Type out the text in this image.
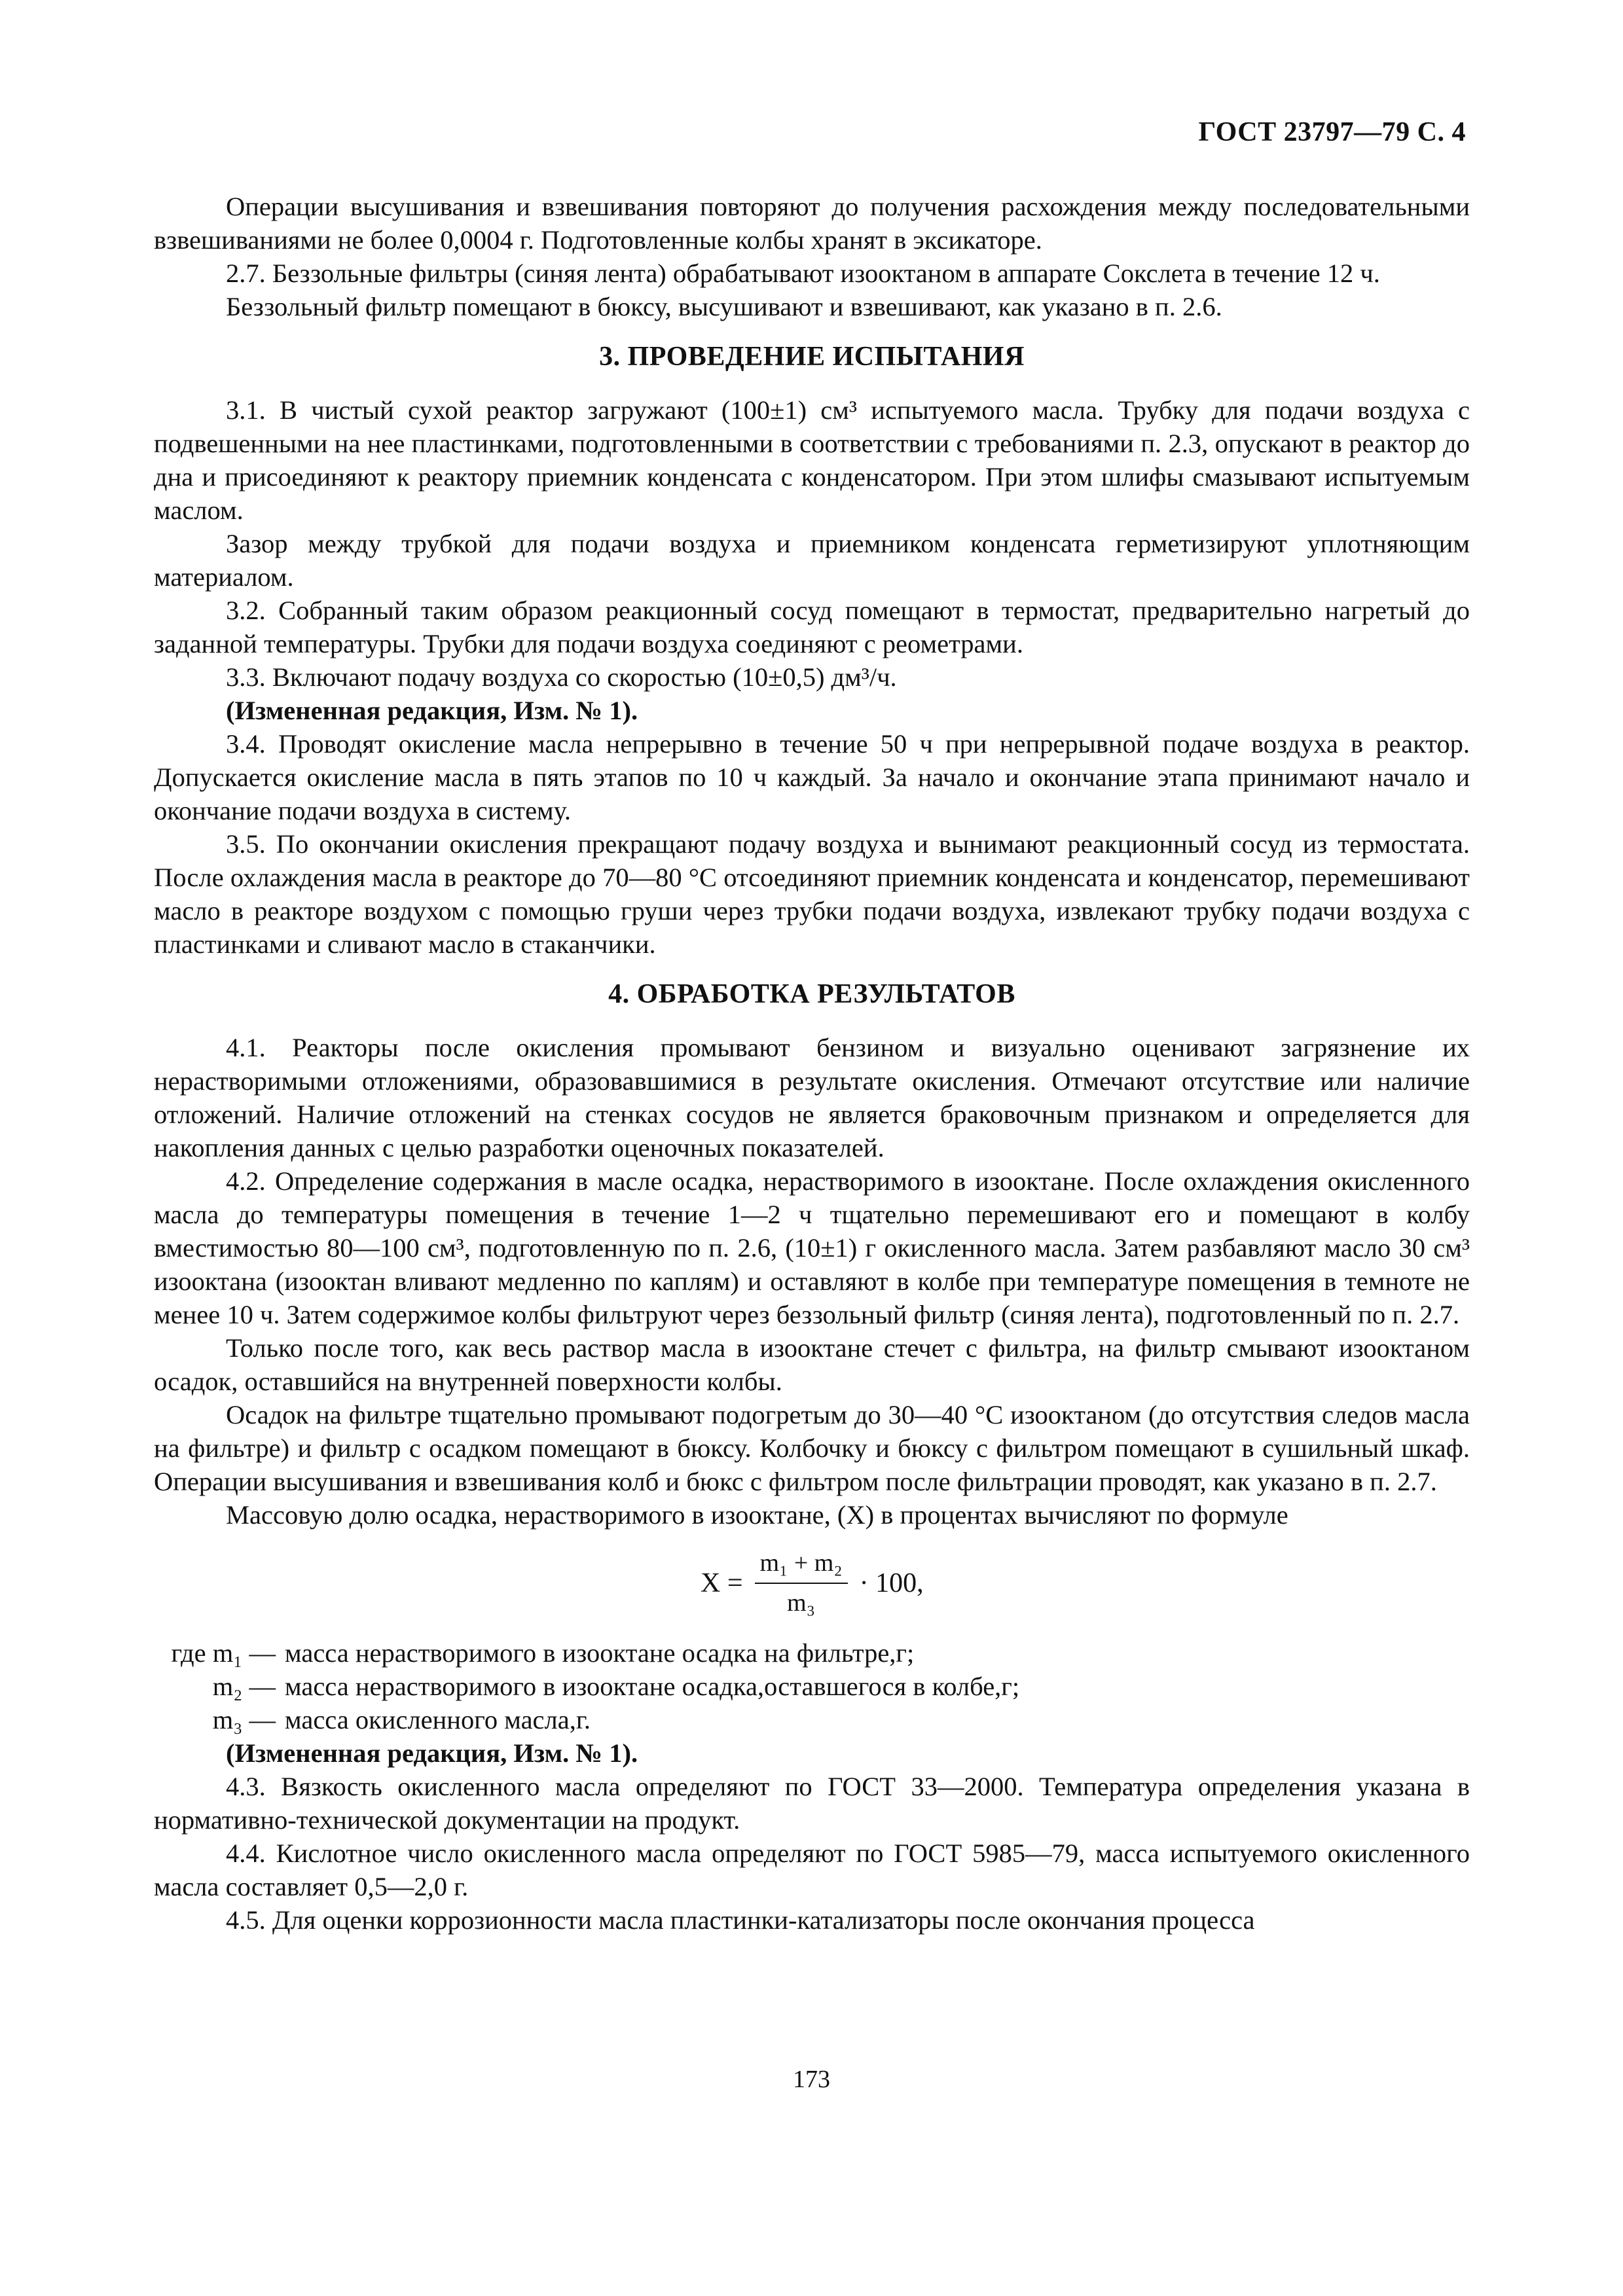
ГОСТ 23797—79 С. 4

Операции высушивания и взвешивания повторяют до получения расхождения между последовательными взвешиваниями не более 0,0004 г. Подготовленные колбы хранят в эксикаторе.

2.7. Беззольные фильтры (синяя лента) обрабатывают изооктаном в аппарате Сокслета в течение 12 ч.

Беззольный фильтр помещают в бюксу, высушивают и взвешивают, как указано в п. 2.6.

3. ПРОВЕДЕНИЕ ИСПЫТАНИЯ

3.1. В чистый сухой реактор загружают (100±1) см³ испытуемого масла. Трубку для подачи воздуха с подвешенными на нее пластинками, подготовленными в соответствии с требованиями п. 2.3, опускают в реактор до дна и присоединяют к реактору приемник конденсата с конденсатором. При этом шлифы смазывают испытуемым маслом.

Зазор между трубкой для подачи воздуха и приемником конденсата герметизируют уплотняющим материалом.

3.2. Собранный таким образом реакционный сосуд помещают в термостат, предварительно нагретый до заданной температуры. Трубки для подачи воздуха соединяют с реометрами.

3.3. Включают подачу воздуха со скоростью (10±0,5) дм³/ч.

(Измененная редакция, Изм. № 1).

3.4. Проводят окисление масла непрерывно в течение 50 ч при непрерывной подаче воздуха в реактор. Допускается окисление масла в пять этапов по 10 ч каждый. За начало и окончание этапа принимают начало и окончание подачи воздуха в систему.

3.5. По окончании окисления прекращают подачу воздуха и вынимают реакционный сосуд из термостата. После охлаждения масла в реакторе до 70—80 °С отсоединяют приемник конденсата и конденсатор, перемешивают масло в реакторе воздухом с помощью груши через трубки подачи воздуха, извлекают трубку подачи воздуха с пластинками и сливают масло в стаканчики.

4. ОБРАБОТКА РЕЗУЛЬТАТОВ

4.1. Реакторы после окисления промывают бензином и визуально оценивают загрязнение их нерастворимыми отложениями, образовавшимися в результате окисления. Отмечают отсутствие или наличие отложений. Наличие отложений на стенках сосудов не является браковочным признаком и определяется для накопления данных с целью разработки оценочных показателей.

4.2. Определение содержания в масле осадка, нерастворимого в изооктане. После охлаждения окисленного масла до температуры помещения в течение 1—2 ч тщательно перемешивают его и помещают в колбу вместимостью 80—100 см³, подготовленную по п. 2.6, (10±1) г окисленного масла. Затем разбавляют масло 30 см³ изооктана (изооктан вливают медленно по каплям) и оставляют в колбе при температуре помещения в темноте не менее 10 ч. Затем содержимое колбы фильтруют через беззольный фильтр (синяя лента), подготовленный по п. 2.7.

Только после того, как весь раствор масла в изооктане стечет с фильтра, на фильтр смывают изооктаном осадок, оставшийся на внутренней поверхности колбы.

Осадок на фильтре тщательно промывают подогретым до 30—40 °С изооктаном (до отсутствия следов масла на фильтре) и фильтр с осадком помещают в бюксу. Колбочку и бюксу с фильтром помещают в сушильный шкаф. Операции высушивания и взвешивания колб и бюкс с фильтром после фильтрации проводят, как указано в п. 2.7.

Массовую долю осадка, нерастворимого в изооктане, (X) в процентах вычисляют по формуле

$X = \frac{\text{m₁ + m₂}}{\text{m₃}} \cdot 100$,
где m₁ — масса нерастворимого в изооктане осадка на фильтре,г;
m₂ — масса нерастворимого в изооктане осадка,оставшегося в колбе,г;
m₃ — масса окисленного масла,г.

(Измененная редакция, Изм. № 1).

4.3. Вязкость окисленного масла определяют по ГОСТ 33—2000. Температура определения указана в нормативно-технической документации на продукт.

4.4. Кислотное число окисленного масла определяют по ГОСТ 5985—79, масса испытуемого окисленного масла составляет 0,5—2,0 г.

4.5. Для оценки коррозионности масла пластинки-катализаторы после окончания процесса

173
